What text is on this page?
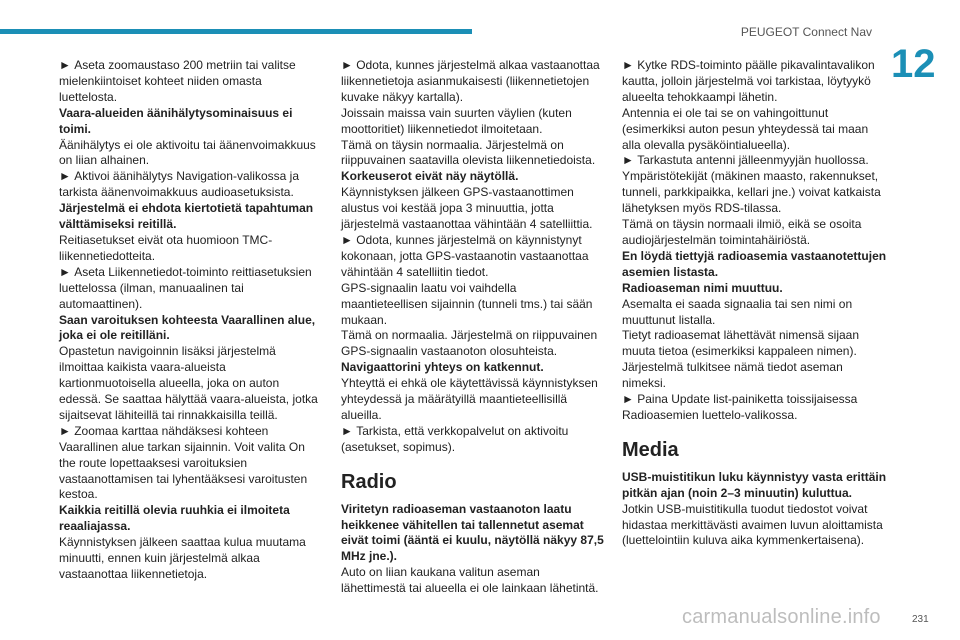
PEUGEOT Connect Nav
12

► Aseta zoomaustaso 200 metriin tai valitse mielenkiintoiset kohteet niiden omasta luettelosta.

Vaara-alueiden äänihälytysominaisuus ei toimi.

Äänihälytys ei ole aktivoitu tai äänenvoimakkuus on liian alhainen.

► Aktivoi äänihälytys Navigation-valikossa ja tarkista äänenvoimakkuus audioasetuksista.

Järjestelmä ei ehdota kiertotietä tapahtuman välttämiseksi reitillä.

Reitiasetukset eivät ota huomioon TMC-liikennetiedotteita.

► Aseta Liikennetiedot-toiminto reittiasetuksien luettelossa (ilman, manuaalinen tai automaattinen).

Saan varoituksen kohteesta Vaarallinen alue, joka ei ole reitilläni.

Opastetun navigoinnin lisäksi järjestelmä ilmoittaa kaikista vaara-alueista kartionmuotoisella alueella, joka on auton edessä. Se saattaa hälyttää vaara-alueista, jotka sijaitsevat lähiteillä tai rinnakkaisilla teillä.

► Zoomaa karttaa nähdäksesi kohteen Vaarallinen alue tarkan sijainnin. Voit valita On the route lopettaaksesi varoituksien vastaanottamisen tai lyhentääksesi varoitusten kestoa.

Kaikkia reitillä olevia ruuhkia ei ilmoiteta reaaliajassa.

Käynnistyksen jälkeen saattaa kulua muutama minuutti, ennen kuin järjestelmä alkaa vastaanottaa liikennetietoja.

► Odota, kunnes järjestelmä alkaa vastaanottaa liikennetietoja asianmukaisesti (liikennetietojen kuvake näkyy kartalla).

Joissain maissa vain suurten väylien (kuten moottoritiet) liikennetiedot ilmoitetaan.

Tämä on täysin normaalia. Järjestelmä on riippuvainen saatavilla olevista liikennetiedoista.

Korkeuserot eivät näy näytöllä.

Käynnistyksen jälkeen GPS-vastaanottimen alustus voi kestää jopa 3 minuuttia, jotta järjestelmä vastaanottaa vähintään 4 satelliittia.

► Odota, kunnes järjestelmä on käynnistynyt kokonaan, jotta GPS-vastaanotin vastaanottaa vähintään 4 satelliitin tiedot.

GPS-signaalin laatu voi vaihdella maantieteellisen sijainnin (tunneli tms.) tai sään mukaan.

Tämä on normaalia. Järjestelmä on riippuvainen GPS-signaalin vastaanoton olosuhteista.

Navigaattorini yhteys on katkennut.

Yhteyttä ei ehkä ole käytettävissä käynnistyksen yhteydessä ja määrätyillä maantieteellisillä alueilla.

► Tarkista, että verkkopalvelut on aktivoitu (asetukset, sopimus).

Radio

Viritetyn radioaseman vastaanoton laatu heikkenee vähitellen tai tallennetut asemat eivät toimi (ääntä ei kuulu, näytöllä näkyy 87,5 MHz jne.).

Auto on liian kaukana valitun aseman lähettimestä tai alueella ei ole lainkaan lähetintä.

► Kytke RDS-toiminto päälle pikavalintavalikon kautta, jolloin järjestelmä voi tarkistaa, löytyykö alueelta tehokkaampi lähetin.

Antennia ei ole tai se on vahingoittunut (esimerkiksi auton pesun yhteydessä tai maan alla olevalla pysäköintialueella).

► Tarkastuta antenni jälleenmyyjän huollossa.

Ympäristötekijät (mäkinen maasto, rakennukset, tunneli, parkkipaikka, kellari jne.) voivat katkaista lähetyksen myös RDS-tilassa.

Tämä on täysin normaali ilmiö, eikä se osoita audiojärjestelmän toimintahäiriöstä.

En löydä tiettyjä radioasemia vastaanotettujen asemien listasta.

Radioaseman nimi muuttuu.

Asemalta ei saada signaalia tai sen nimi on muuttunut listalla.

Tietyt radioasemat lähettävät nimensä sijaan muuta tietoa (esimerkiksi kappaleen nimen). Järjestelmä tulkitsee nämä tiedot aseman nimeksi.

► Paina Update list-painiketta toissijaisessa Radioasemien luettelo-valikossa.

Media

USB-muistitikun luku käynnistyy vasta erittäin pitkän ajan (noin 2–3 minuutin) kuluttua.

Jotkin USB-muistitikulla tuodut tiedostot voivat hidastaa merkittävästi avaimen luvun aloittamista (luettelointiin kuluva aika kymmenkertaisena).

carmanualsonline.info	231
